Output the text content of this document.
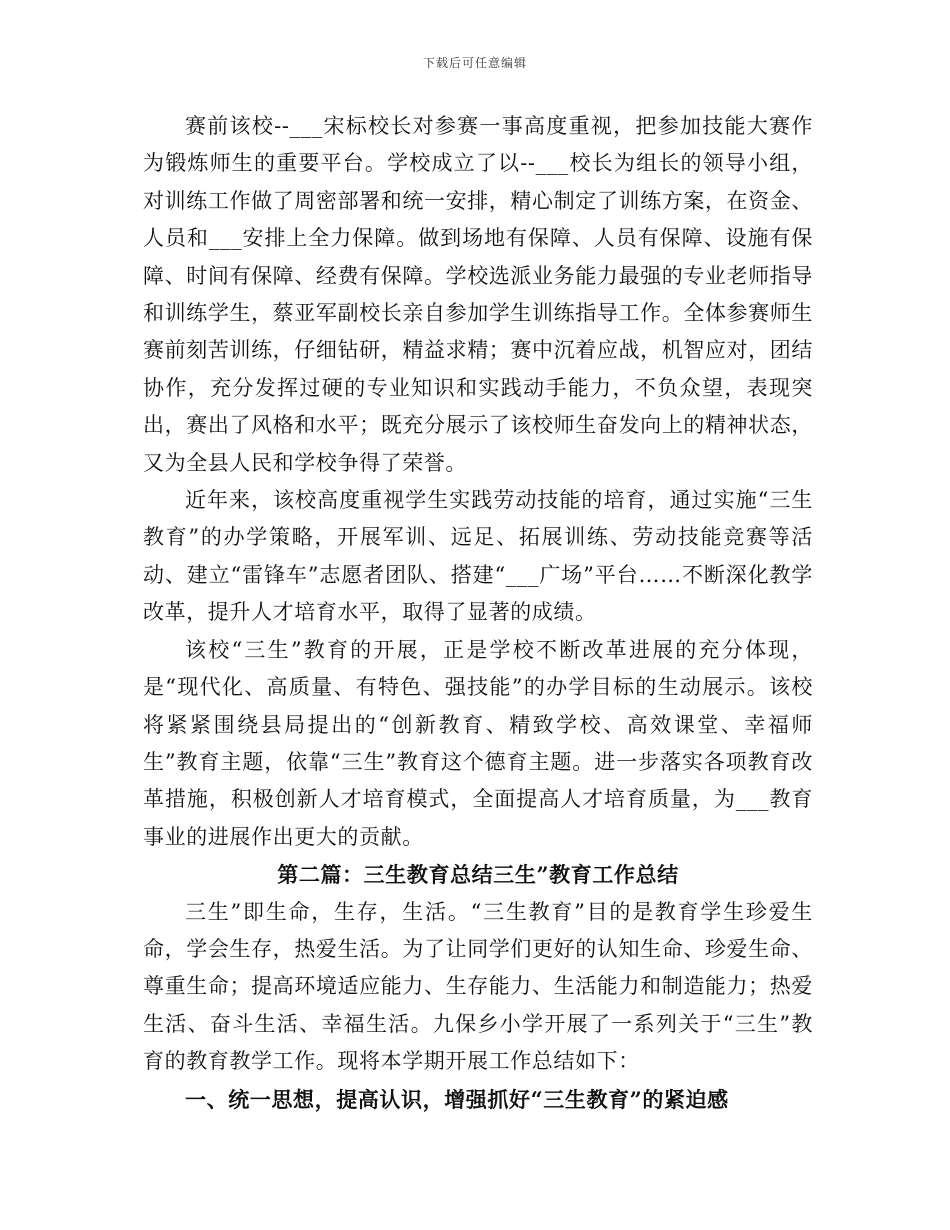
下载后可任意编辑

赛前该校--___宋标校长对参赛一事高度重视，把参加技能大赛作为锻炼师生的重要平台。学校成立了以--___校长为组长的领导小组，对训练工作做了周密部署和统一安排，精心制定了训练方案，在资金、人员和___安排上全力保障。做到场地有保障、人员有保障、设施有保障、时间有保障、经费有保障。学校选派业务能力最强的专业老师指导和训练学生，蔡亚军副校长亲自参加学生训练指导工作。全体参赛师生赛前刻苦训练，仔细钻研，精益求精；赛中沉着应战，机智应对，团结协作，充分发挥过硬的专业知识和实践动手能力，不负众望，表现突出，赛出了风格和水平；既充分展示了该校师生奋发向上的精神状态，又为全县人民和学校争得了荣誉。

近年来，该校高度重视学生实践劳动技能的培育，通过实施“三生教育”的办学策略，开展军训、远足、拓展训练、劳动技能竞赛等活动、建立“雷锋车”志愿者团队、搭建“___广场”平台……不断深化教学改革，提升人才培育水平，取得了显著的成绩。

该校“三生”教育的开展，正是学校不断改革进展的充分体现，是“现代化、高质量、有特色、强技能”的办学目标的生动展示。该校将紧紧围绕县局提出的“创新教育、精致学校、高效课堂、幸福师生”教育主题，依靠“三生”教育这个德育主题。进一步落实各项教育改革措施，积极创新人才培育模式，全面提高人才培育质量，为___教育事业的进展作出更大的贡献。

第二篇：三生教育总结三生”教育工作总结

三生”即生命，生存，生活。“三生教育”目的是教育学生珍爱生命，学会生存，热爱生活。为了让同学们更好的认知生命、珍爱生命、尊重生命；提高环境适应能力、生存能力、生活能力和制造能力；热爱生活、奋斗生活、幸福生活。九保乡小学开展了一系列关于“三生”教育的教育教学工作。现将本学期开展工作总结如下：

一、统一思想，提高认识，增强抓好“三生教育”的紧迫感
